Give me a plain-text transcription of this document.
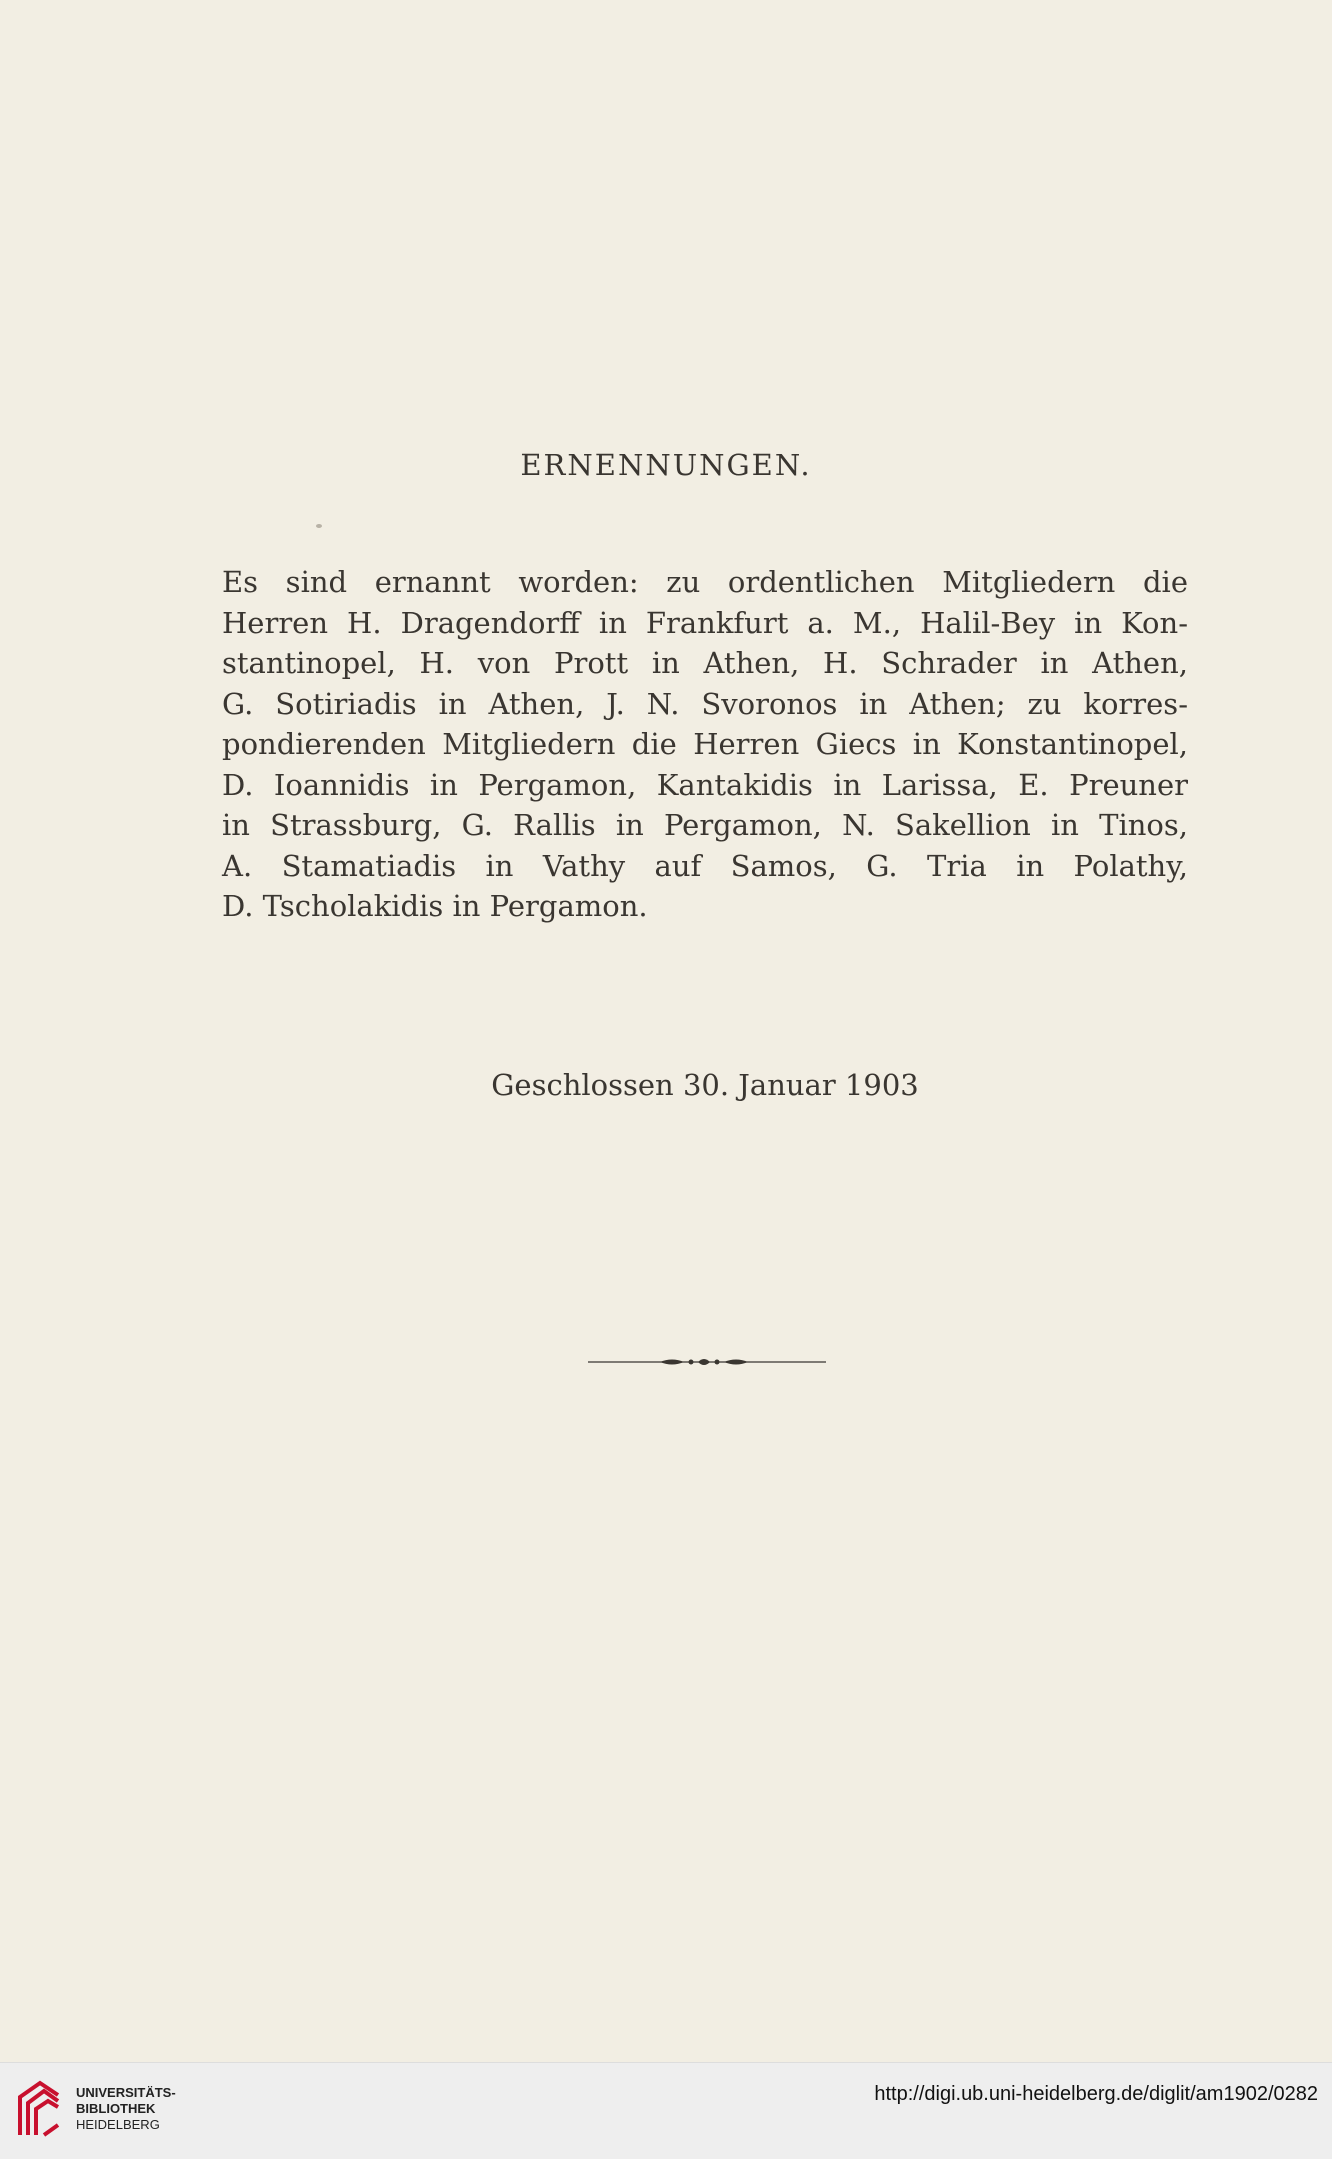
ERNENNUNGEN.
Es sind ernannt worden: zu ordentlichen Mitgliedern die
Herren H. Dragendorff in Frankfurt a. M., Halil-Bey in Kon-
stantinopel, H. von Prott in Athen, H. Schrader in Athen,
G. Sotiriadis in Athen, J. N. Svoronos in Athen; zu korres-
pondierenden Mitgliedern die Herren Giecs in Konstantinopel,
D. Ioannidis in Pergamon, Kantakidis in Larissa, E. Preuner
in Strassburg, G. Rallis in Pergamon, N. Sakellion in Tinos,
A. Stamatiadis in Vathy auf Samos, G. Tria in Polathy,
D. Tscholakidis in Pergamon.
Geschlossen 30. Januar 1903
UNIVERSITÄTS-
BIBLIOTHEK
HEIDELBERG
http://digi.ub.uni-heidelberg.de/diglit/am1902/0282
